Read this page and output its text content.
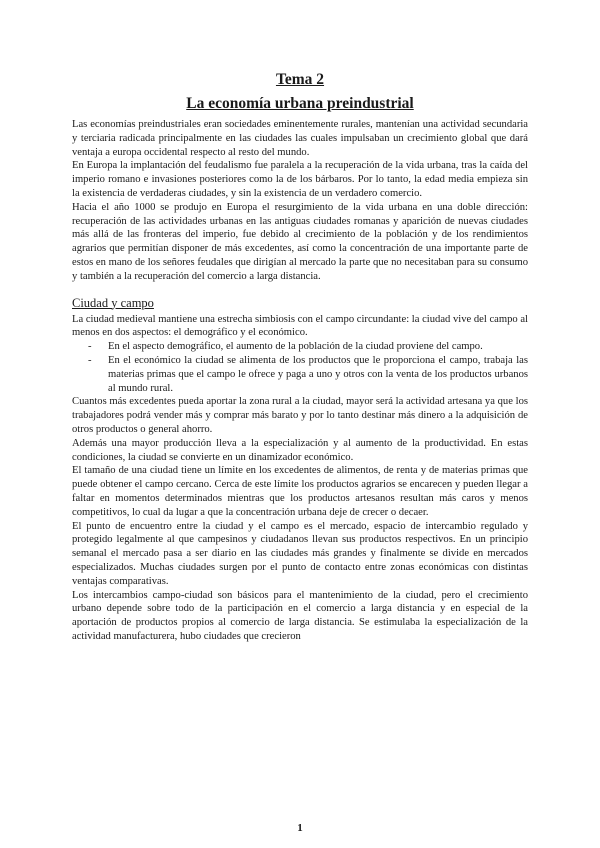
Tema 2
La economía urbana preindustrial

Las economías preindustriales eran sociedades eminentemente rurales, mantenían una actividad secundaria y terciaria radicada principalmente en las ciudades las cuales impulsaban un crecimiento global que dará ventaja a europa occidental respecto al resto del mundo.

En Europa la implantación del feudalismo fue paralela a la recuperación de la vida urbana, tras la caída del imperio romano e invasiones posteriores como la de los bárbaros. Por lo tanto, la edad media empieza sin la existencia de verdaderas ciudades, y sin la existencia de un verdadero comercio.

Hacia el año 1000 se produjo en Europa el resurgimiento de la vida urbana en una doble dirección: recuperación de las actividades urbanas en las antiguas ciudades romanas y aparición de nuevas ciudades más allá de las fronteras del imperio, fue debido al crecimiento de la población y de los rendimientos agrarios que permitían disponer de más excedentes, así como la concentración de una importante parte de estos en mano de los señores feudales que dirigían al mercado la parte que no necesitaban para su consumo y también a la recuperación del comercio a larga distancia.

Ciudad y campo

La ciudad medieval mantiene una estrecha simbiosis con el campo circundante: la ciudad vive del campo al menos en dos aspectos: el demográfico y el económico.

- En el aspecto demográfico, el aumento de la población de la ciudad proviene del campo.
- En el económico la ciudad se alimenta de los productos que le proporciona el campo, trabaja las materias primas que el campo le ofrece y paga a uno y otros con la venta de los productos urbanos al mundo rural.

Cuantos más excedentes pueda aportar la zona rural a la ciudad, mayor será la actividad artesana ya que los trabajadores podrá vender más y comprar más barato y por lo tanto destinar más dinero a la adquisición de otros productos o general ahorro.

Además una mayor producción lleva a la especialización y al aumento de la productividad. En estas condiciones, la ciudad se convierte en un dinamizador económico.

El tamaño de una ciudad tiene un límite en los excedentes de alimentos, de renta y de materias primas que puede obtener el campo cercano. Cerca de este límite los productos agrarios se encarecen y pueden llegar a faltar en momentos determinados mientras que los productos artesanos resultan más caros y menos competitivos, lo cual da lugar a que la concentración urbana deje de crecer o decaer.

El punto de encuentro entre la ciudad y el campo es el mercado, espacio de intercambio regulado y protegido legalmente al que campesinos y ciudadanos llevan sus productos respectivos. En un principio semanal el mercado pasa a ser diario en las ciudades más grandes y finalmente se divide en mercados especializados. Muchas ciudades surgen por el punto de contacto entre zonas económicas con distintas ventajas comparativas.

Los intercambios campo-ciudad son básicos para el mantenimiento de la ciudad, pero el crecimiento urbano depende sobre todo de la participación en el comercio a larga distancia y en especial de la aportación de productos propios al comercio de larga distancia. Se estimulaba la especialización de la actividad manufacturera, hubo ciudades que crecieron

1
